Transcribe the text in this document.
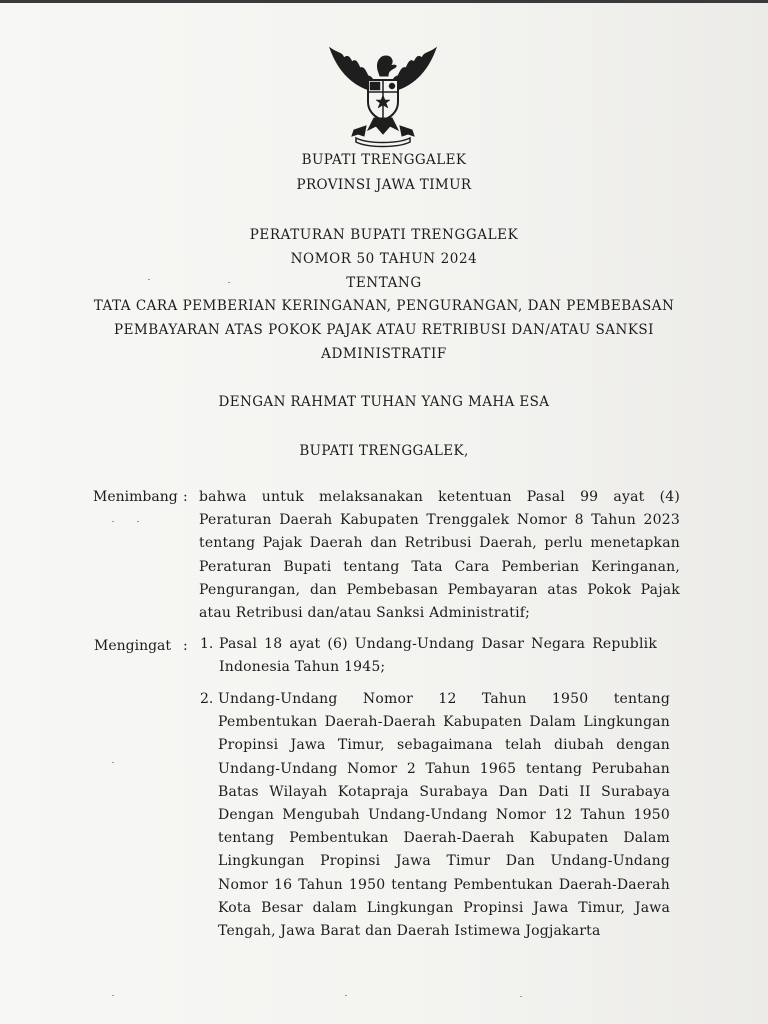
BUPATI TRENGGALEK
PROVINSI JAWA TIMUR
PERATURAN BUPATI TRENGGALEK
NOMOR 50 TAHUN 2024
TENTANG
TATA CARA PEMBERIAN KERINGANAN, PENGURANGAN, DAN PEMBEBASAN
PEMBAYARAN ATAS POKOK PAJAK ATAU RETRIBUSI DAN/ATAU SANKSI
ADMINISTRATIF
DENGAN RAHMAT TUHAN YANG MAHA ESA
BUPATI TRENGGALEK,
Menimbang : bahwa untuk melaksanakan ketentuan Pasal 99 ayat (4) Peraturan Daerah Kabupaten Trenggalek Nomor 8 Tahun 2023 tentang Pajak Daerah dan Retribusi Daerah, perlu menetapkan Peraturan Bupati tentang Tata Cara Pemberian Keringanan, Pengurangan, dan Pembebasan Pembayaran atas Pokok Pajak atau Retribusi dan/atau Sanksi Administratif;
Mengingat : 1. Pasal 18 ayat (6) Undang-Undang Dasar Negara Republik Indonesia Tahun 1945;
2. Undang-Undang Nomor 12 Tahun 1950 tentang Pembentukan Daerah-Daerah Kabupaten Dalam Lingkungan Propinsi Jawa Timur, sebagaimana telah diubah dengan Undang-Undang Nomor 2 Tahun 1965 tentang Perubahan Batas Wilayah Kotapraja Surabaya Dan Dati II Surabaya Dengan Mengubah Undang-Undang Nomor 12 Tahun 1950 tentang Pembentukan Daerah-Daerah Kabupaten Dalam Lingkungan Propinsi Jawa Timur Dan Undang-Undang Nomor 16 Tahun 1950 tentang Pembentukan Daerah-Daerah Kota Besar dalam Lingkungan Propinsi Jawa Timur, Jawa Tengah, Jawa Barat dan Daerah Istimewa Jogjakarta
